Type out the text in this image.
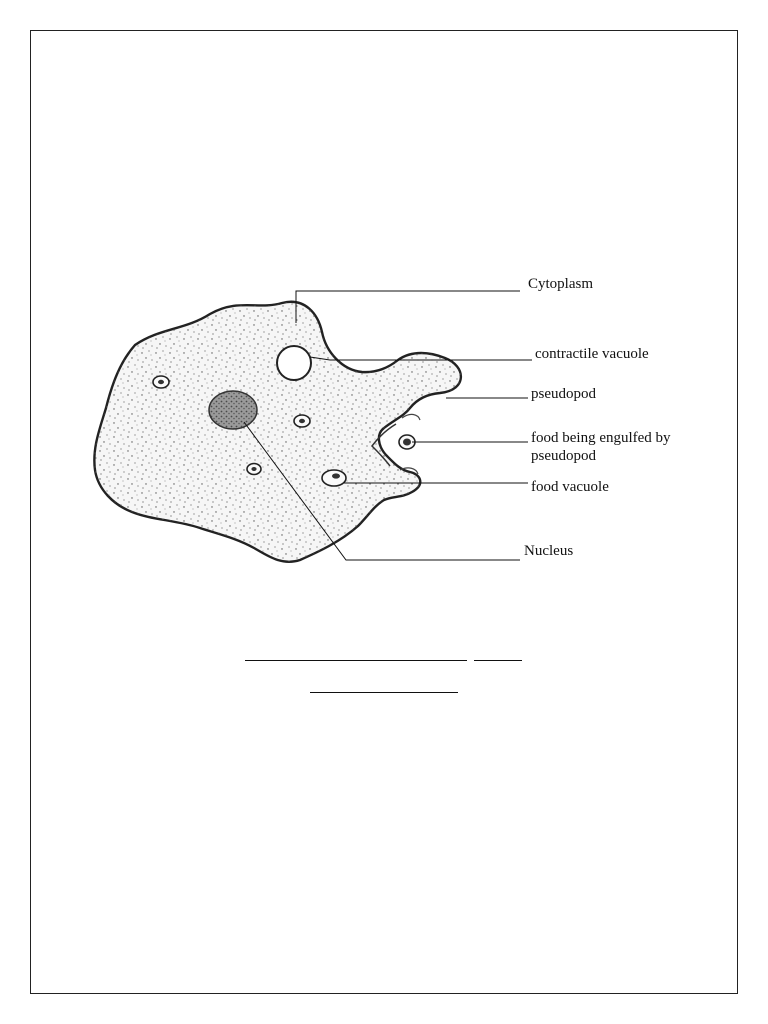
Cytoplasm
contractile vacuole
pseudopod
food being engulfed by
pseudopod
food vacuole
Nucleus
